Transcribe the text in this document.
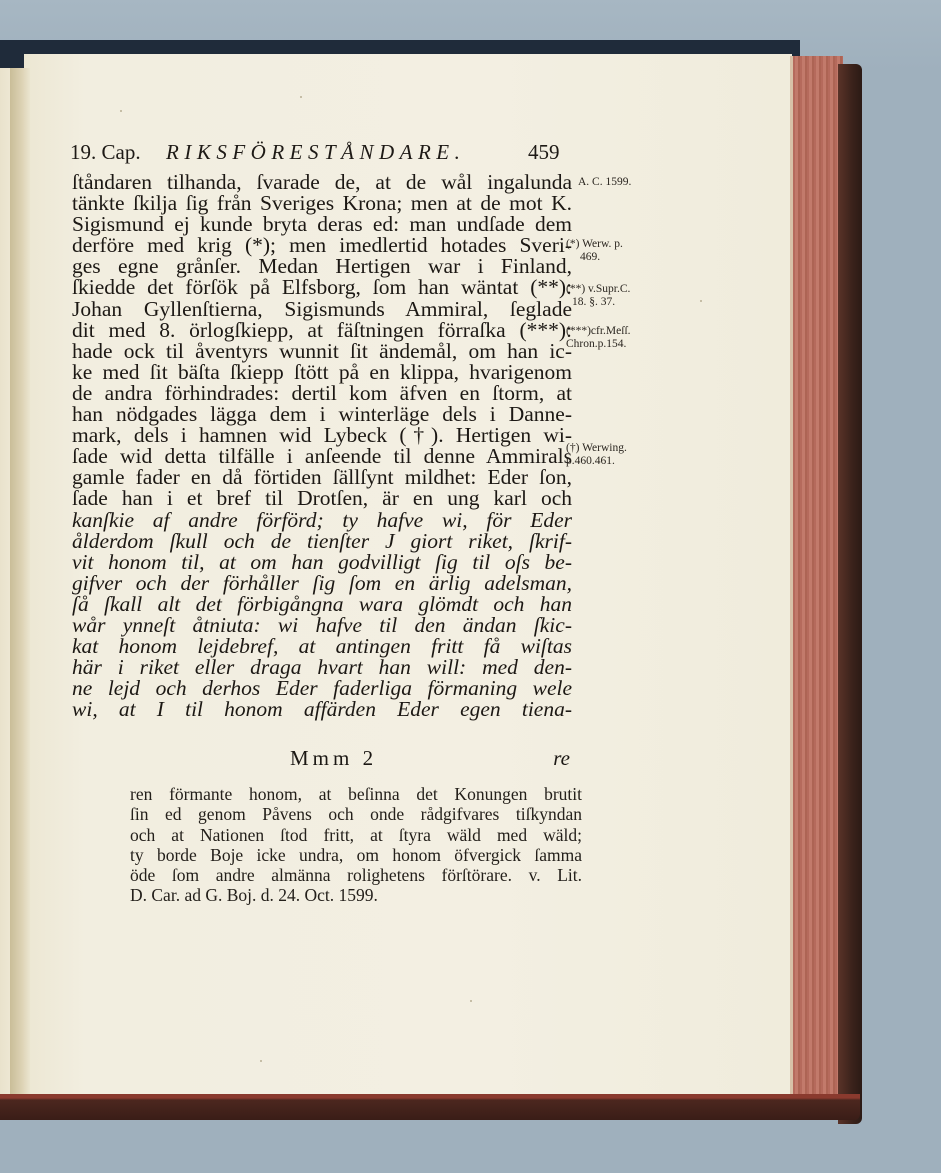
19. Cap. RIKSFÖRESTÅNDARE.	459
ſtåndaren tilhanda, ſvarade de, at de wål ingalunda
tänkte ſkilja ſig från Sveriges Krona; men at de mot K.
Sigismund ej kunde bryta deras ed: man undſade dem
derföre med krig (*); men imedlertid hotades Sveri-
ges egne grånſer. Medan Hertigen war i Finland,
ſkiedde det förſök på Elfsborg, ſom han wäntat (**):
Johan Gyllenſtierna, Sigismunds Ammiral, ſeglade
dit med 8. örlogſkiepp, at fäſtningen förraſka (***):
hade ock til åventyrs wunnit ſit ändemål, om han ic-
ke med ſit bäſta ſkiepp ſtött på en klippa, hvarigenom
de andra förhindrades: dertil kom äfven en ſtorm, at
han nödgades lägga dem i winterläge dels i Danne-
mark, dels i hamnen wid Lybeck (†). Hertigen wi-
ſade wid detta tilfälle i anſeende til denne Ammirals
gamle fader en då förtiden ſällſynt mildhet: Eder ſon,
ſade han i et bref til Drotſen, är en ung karl och
kanſkie af andre förförd; ty hafve wi, för Eder
ålderdom ſkull och de tienſter J giort riket, ſkrif-
vit honom til, at om han godvilligt ſig til oſs be-
gifver och der förhåller ſig ſom en ärlig adelsman,
ſå ſkall alt det förbigångna wara glömdt och han
wår ynneſt åtniuta: wi hafve til den ändan ſkic-
kat honom lejdebref, at antingen fritt få wiſtas
här i riket eller draga hvart han will: med den-
ne lejd och derhos Eder faderliga förmaning wele
wi, at I til honom affärden Eder egen tiena-
Mmm 2	re
ren förmante honom, at beſinna det Konungen brutit
ſin ed genom Påvens och onde rådgifvares tiſkyndan
och at Nationen ſtod fritt, at ſtyra wäld med wäld;
ty borde Boje icke undra, om honom öfvergick ſamma
öde ſom andre almänna rolighetens förſtörare. v. Lit.
D. Car. ad G. Boj. d. 24. Oct. 1599.
A. C. 1599.
(*) Werw. p.
469.
(**) v.Supr.C.
18. §. 37.
(***)cfr.Meſſ.
Chron.p.154.
(†) Werwing.
p.460.461.
